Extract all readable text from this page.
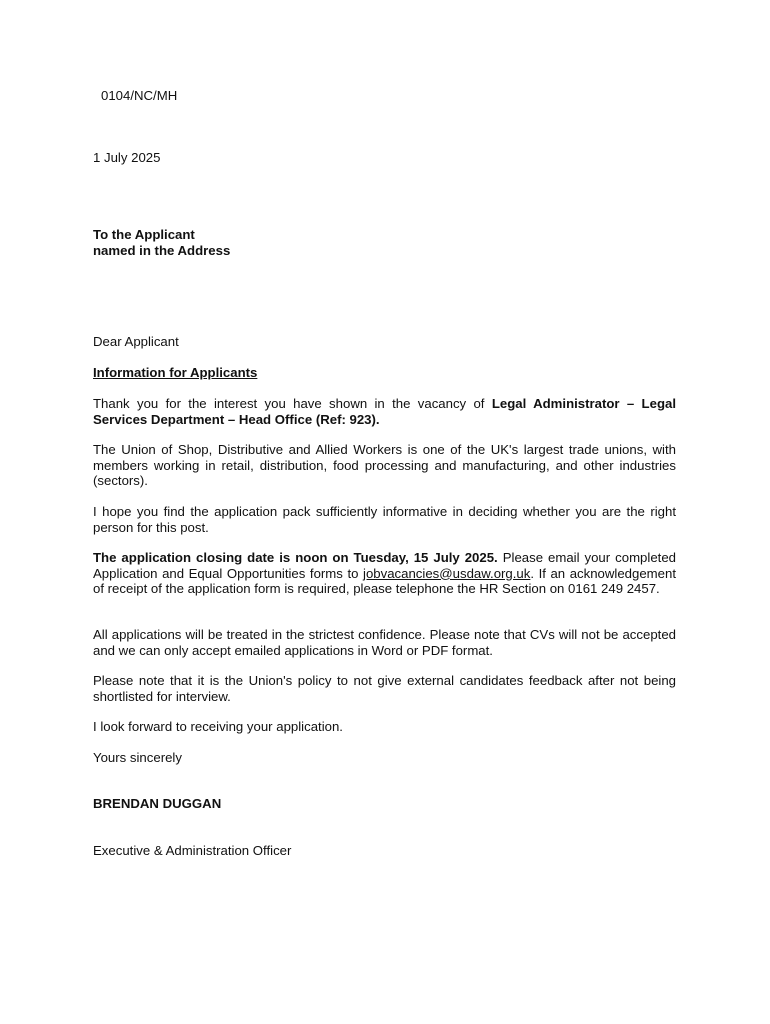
0104/NC/MH

1 July 2025

To the Applicant
named in the Address

Dear Applicant

Information for Applicants

Thank you for the interest you have shown in the vacancy of Legal Administrator – Legal Services Department – Head Office (Ref: 923).

The Union of Shop, Distributive and Allied Workers is one of the UK's largest trade unions, with members working in retail, distribution, food processing and manufacturing, and other industries (sectors).

I hope you find the application pack sufficiently informative in deciding whether you are the right person for this post.

The application closing date is noon on Tuesday, 15 July 2025. Please email your completed Application and Equal Opportunities forms to jobvacancies@usdaw.org.uk. If an acknowledgement of receipt of the application form is required, please telephone the HR Section on 0161 249 2457.

All applications will be treated in the strictest confidence. Please note that CVs will not be accepted and we can only accept emailed applications in Word or PDF format.

Please note that it is the Union's policy to not give external candidates feedback after not being shortlisted for interview.

I look forward to receiving your application.

Yours sincerely

BRENDAN DUGGAN

Executive & Administration Officer
